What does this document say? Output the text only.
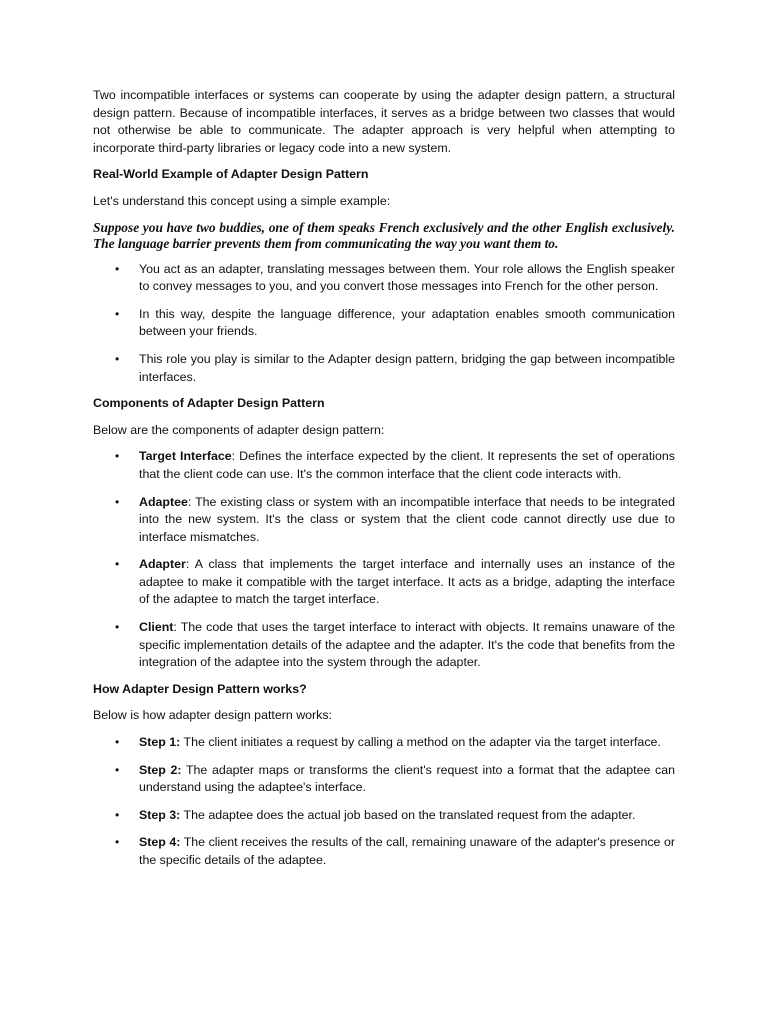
Two incompatible interfaces or systems can cooperate by using the adapter design pattern, a structural design pattern. Because of incompatible interfaces, it serves as a bridge between two classes that would not otherwise be able to communicate. The adapter approach is very helpful when attempting to incorporate third-party libraries or legacy code into a new system.

Real-World Example of Adapter Design Pattern

Let's understand this concept using a simple example:

Suppose you have two buddies, one of them speaks French exclusively and the other English exclusively. The language barrier prevents them from communicating the way you want them to.

• You act as an adapter, translating messages between them. Your role allows the English speaker to convey messages to you, and you convert those messages into French for the other person.
• In this way, despite the language difference, your adaptation enables smooth communication between your friends.
• This role you play is similar to the Adapter design pattern, bridging the gap between incompatible interfaces.

Components of Adapter Design Pattern

Below are the components of adapter design pattern:

• Target Interface: Defines the interface expected by the client. It represents the set of operations that the client code can use. It's the common interface that the client code interacts with.
• Adaptee: The existing class or system with an incompatible interface that needs to be integrated into the new system. It's the class or system that the client code cannot directly use due to interface mismatches.
• Adapter: A class that implements the target interface and internally uses an instance of the adaptee to make it compatible with the target interface. It acts as a bridge, adapting the interface of the adaptee to match the target interface.
• Client: The code that uses the target interface to interact with objects. It remains unaware of the specific implementation details of the adaptee and the adapter. It's the code that benefits from the integration of the adaptee into the system through the adapter.

How Adapter Design Pattern works?

Below is how adapter design pattern works:

• Step 1: The client initiates a request by calling a method on the adapter via the target interface.
• Step 2: The adapter maps or transforms the client's request into a format that the adaptee can understand using the adaptee's interface.
• Step 3: The adaptee does the actual job based on the translated request from the adapter.
• Step 4: The client receives the results of the call, remaining unaware of the adapter's presence or the specific details of the adaptee.
